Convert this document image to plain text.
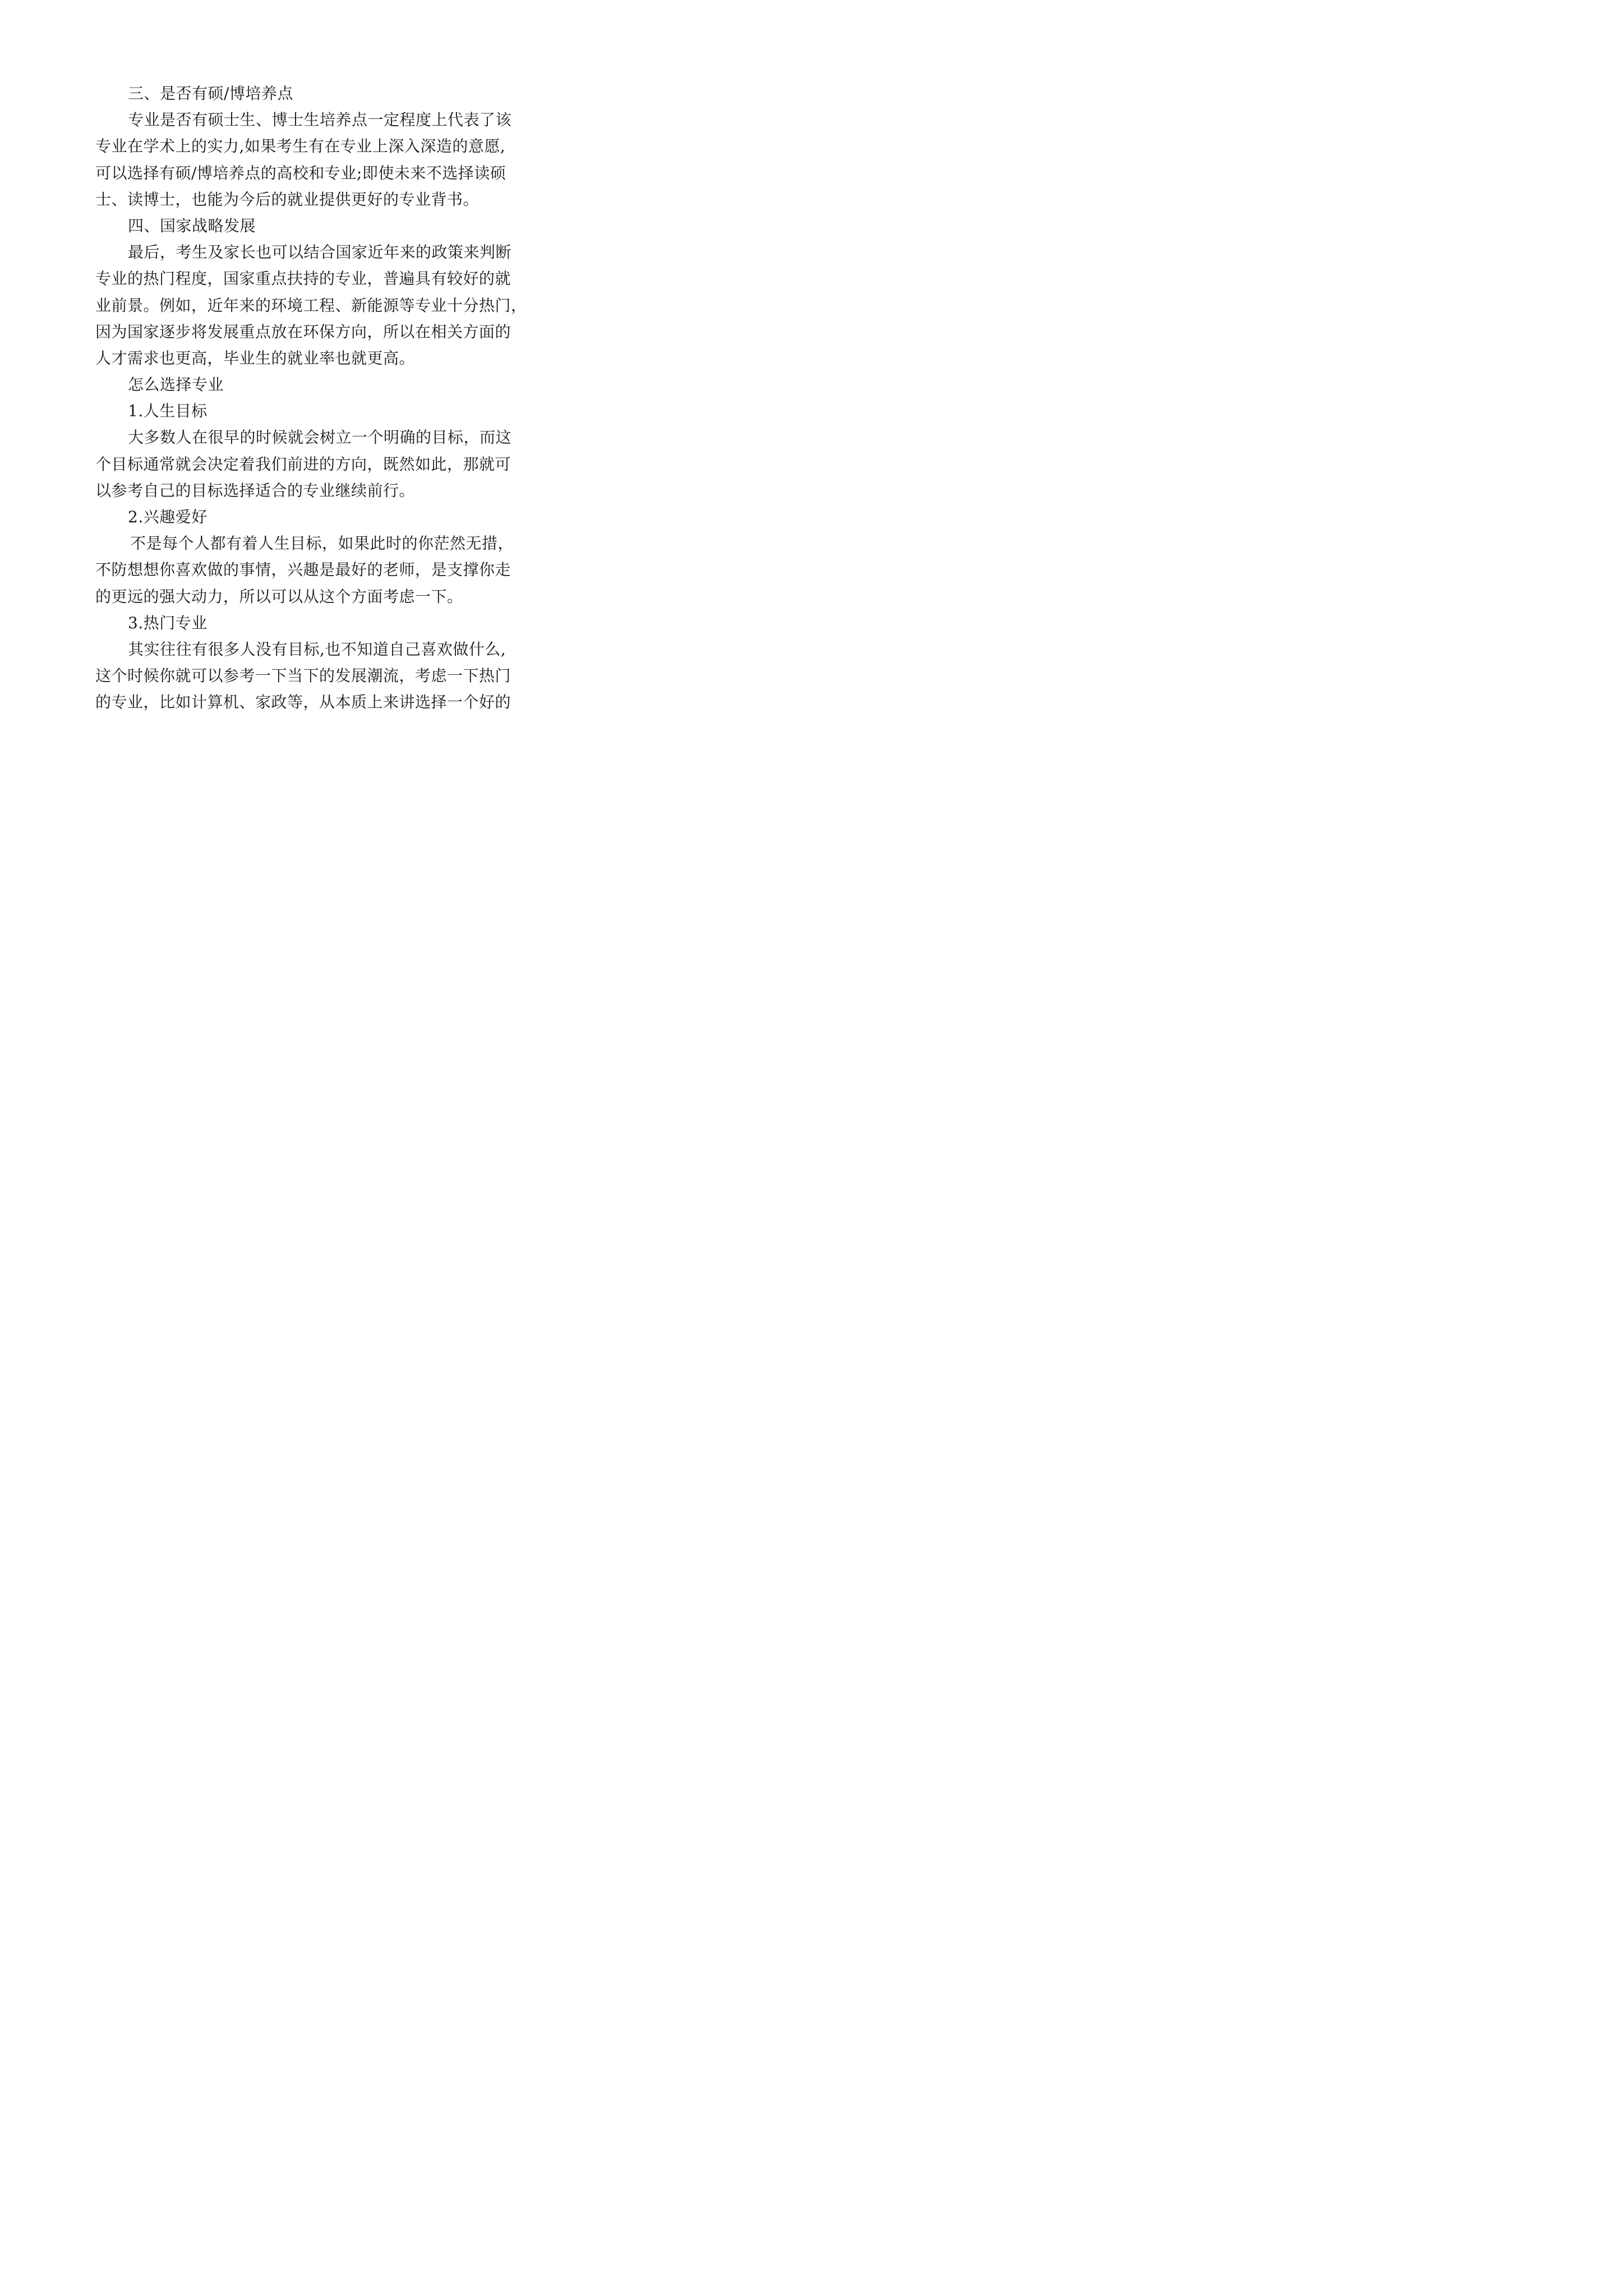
三、是否有硕/博培养点
专业是否有硕士生、博士生培养点一定程度上代表了该
专业在学术上的实力,如果考生有在专业上深入深造的意愿,
可以选择有硕/博培养点的高校和专业;即使未来不选择读硕
士、读博士，也能为今后的就业提供更好的专业背书。
四、国家战略发展
最后，考生及家长也可以结合国家近年来的政策来判断
专业的热门程度，国家重点扶持的专业，普遍具有较好的就
业前景。例如，近年来的环境工程、新能源等专业十分热门，
因为国家逐步将发展重点放在环保方向，所以在相关方面的
人才需求也更高，毕业生的就业率也就更高。
怎么选择专业
1.人生目标
大多数人在很早的时候就会树立一个明确的目标，而这
个目标通常就会决定着我们前进的方向，既然如此，那就可
以参考自己的目标选择适合的专业继续前行。
2.兴趣爱好
不是每个人都有着人生目标，如果此时的你茫然无措，
不防想想你喜欢做的事情，兴趣是最好的老师，是支撑你走
的更远的强大动力，所以可以从这个方面考虑一下。
3.热门专业
其实往往有很多人没有目标,也不知道自己喜欢做什么,
这个时候你就可以参考一下当下的发展潮流，考虑一下热门
的专业，比如计算机、家政等，从本质上来讲选择一个好的
